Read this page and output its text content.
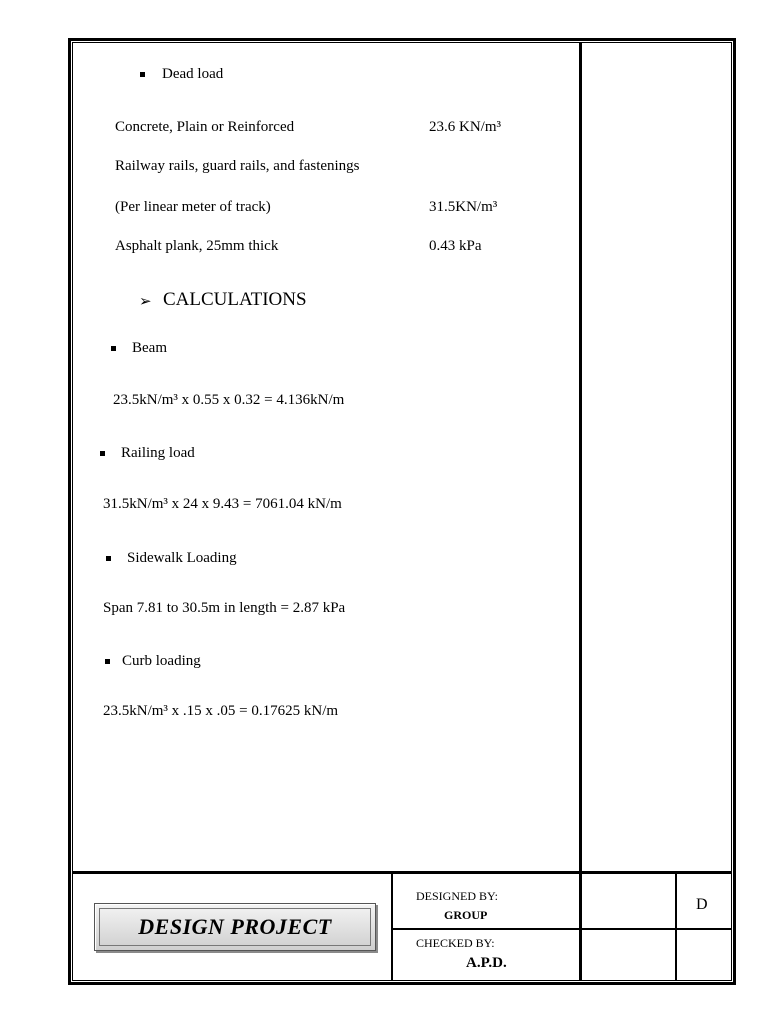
Dead load
Concrete, Plain or Reinforced	23.6 KN/m³
Railway rails, guard rails, and fastenings
(Per linear meter of track)	31.5KN/m³
Asphalt plank, 25mm thick	0.43 kPa
➢ CALCULATIONS
Beam
23.5kN/m³ x 0.55 x 0.32 = 4.136kN/m
Railing load
31.5kN/m³ x 24 x 9.43 = 7061.04 kN/m
Sidewalk Loading
Span 7.81 to 30.5m in length = 2.87 kPa
Curb loading
23.5kN/m³ x .15 x .05 = 0.17625 kN/m
DESIGN PROJECT
DESIGNED BY:
GROUP
CHECKED BY:
A.P.D.
D
